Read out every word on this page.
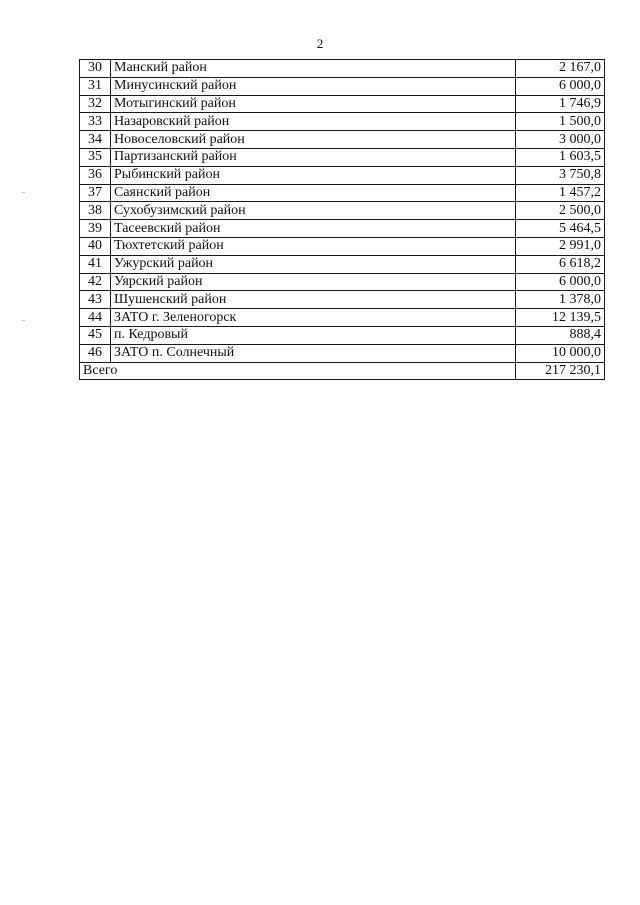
2
30	Манский район	2 167,0
31	Минусинский район	6 000,0
32	Мотыгинский район	1 746,9
33	Назаровский район	1 500,0
34	Новоселовский район	3 000,0
35	Партизанский район	1 603,5
36	Рыбинский район	3 750,8
37	Саянский район	1 457,2
38	Сухобузимский район	2 500,0
39	Тасеевский район	5 464,5
40	Тюхтетский район	2 991,0
41	Ужурский район	6 618,2
42	Уярский район	6 000,0
43	Шушенский район	1 378,0
44	ЗАТО г. Зеленогорск	12 139,5
45	п. Кедровый	888,4
46	ЗАТО п. Солнечный	10 000,0
Всего		217 230,1
